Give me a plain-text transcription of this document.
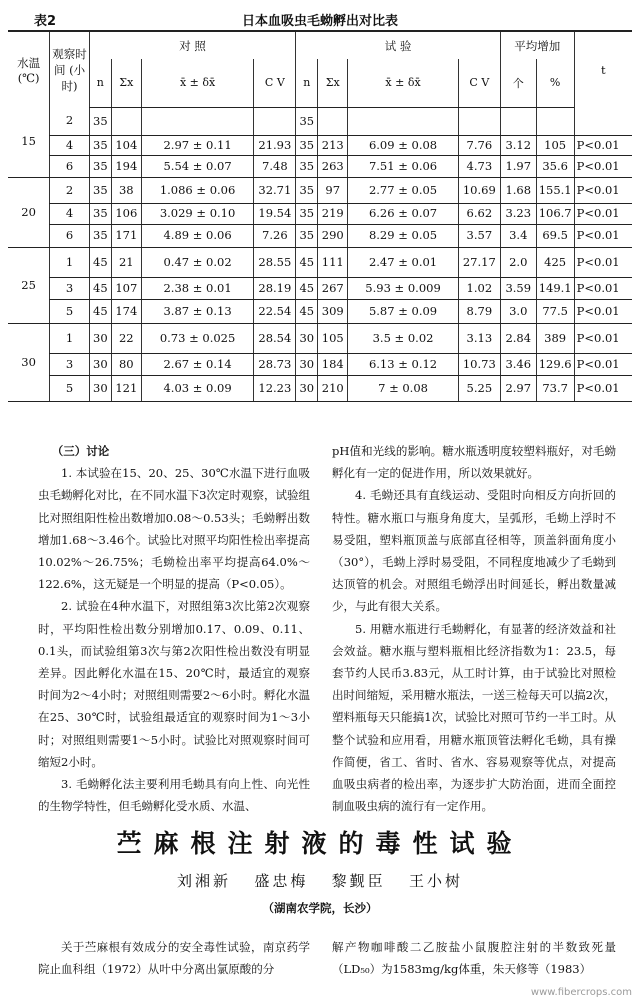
表2	日本血吸虫毛蚴孵出对比表
水温 (℃)	观察时间 (小时)	对 照				试 验				平均增加		t
		n	Σx	x̄ ± δx̄	C V	n	Σx	x̄ ± δx̄	C V	个	%	
15	2	35				35						
	4	35	104	2.97 ± 0.11	21.93	35	213	6.09 ± 0.08	7.76	3.12	105	P<0.01
	6	35	194	5.54 ± 0.07	7.48	35	263	7.51 ± 0.06	4.73	1.97	35.6	P<0.01
20	2	35	38	1.086 ± 0.06	32.71	35	97	2.77 ± 0.05	10.69	1.68	155.1	P<0.01
	4	35	106	3.029 ± 0.10	19.54	35	219	6.26 ± 0.07	6.62	3.23	106.7	P<0.01
	6	35	171	4.89 ± 0.06	7.26	35	290	8.29 ± 0.05	3.57	3.4	69.5	P<0.01
25	1	45	21	0.47 ± 0.02	28.55	45	111	2.47 ± 0.01	27.17	2.0	425	P<0.01
	3	45	107	2.38 ± 0.01	28.19	45	267	5.93 ± 0.009	1.02	3.59	149.1	P<0.01
	5	45	174	3.87 ± 0.13	22.54	45	309	5.87 ± 0.09	8.79	3.0	77.5	P<0.01
30	1	30	22	0.73 ± 0.025	28.54	30	105	3.5 ± 0.02	3.13	2.84	389	P<0.01
	3	30	80	2.67 ± 0.14	28.73	30	184	6.13 ± 0.12	10.73	3.46	129.6	P<0.01
	5	30	121	4.03 ± 0.09	12.23	30	210	7 ± 0.08	5.25	2.97	73.7	P<0.01

（三）讨论

1. 本试验在15、20、25、30℃水温下进行血吸虫毛蚴孵化对比，在不同水温下3次定时观察，试验组比对照组阳性检出数增加0.08～0.53头；毛蚴孵出数增加1.68～3.46个。试验比对照平均阳性检出率提高10.02%～26.75%；毛蚴检出率平均提高64.0%～122.6%，这无疑是一个明显的提高（P<0.05）。

2. 试验在4种水温下，对照组第3次比第2次观察时，平均阳性检出数分别增加0.17、0.09、0.11、0.1头，而试验组第3次与第2次阳性检出数没有明显差异。因此孵化水温在15、20℃时，最适宜的观察时间为2～4小时；对照组则需要2～6小时。孵化水温在25、30℃时，试验组最适宜的观察时间为1～3小时；对照组则需要1～5小时。试验比对照观察时间可缩短2小时。

3. 毛蚴孵化法主要利用毛蚴具有向上性、向光性的生物学特性，但毛蚴孵化受水质、水温、

pH值和光线的影响。糖水瓶透明度较塑料瓶好，对毛蚴孵化有一定的促进作用，所以效果就好。

4. 毛蚴还具有直线运动、受阻时向相反方向折回的特性。糖水瓶口与瓶身角度大，呈弧形，毛蚴上浮时不易受阻，塑料瓶顶盖与底部直径相等，顶盖斜面角度小（30°），毛蚴上浮时易受阻，不同程度地减少了毛蚴到达顶管的机会。对照组毛蚴浮出时间延长，孵出数量减少，与此有很大关系。

5. 用糖水瓶进行毛蚴孵化，有显著的经济效益和社会效益。糖水瓶与塑料瓶相比经济指数为1：23.5，每套节约人民币3.83元，从工时计算，由于试验比对照检出时间缩短，采用糖水瓶法，一送三检每天可以搞2次，塑料瓶每天只能搞1次，试验比对照可节约一半工时。从整个试验和应用看，用糖水瓶顶管法孵化毛蚴，具有操作简便，省工、省时、省水、容易观察等优点，对提高血吸虫病者的检出率，为逐步扩大防治面，进而全面控制血吸虫病的流行有一定作用。

苎麻根注射液的毒性试验
刘湘新 盛忠梅 黎觐臣 王小树
（湖南农学院，长沙）

关于苎麻根有效成分的安全毒性试验，南京药学院止血科组（1972）从叶中分离出氯原酸的分

解产物咖啡酸二乙胺盐小鼠腹腔注射的半数致死量（LD₅₀）为1583mg/kg体重，朱天修等（1983）

www.fibercrops.com
